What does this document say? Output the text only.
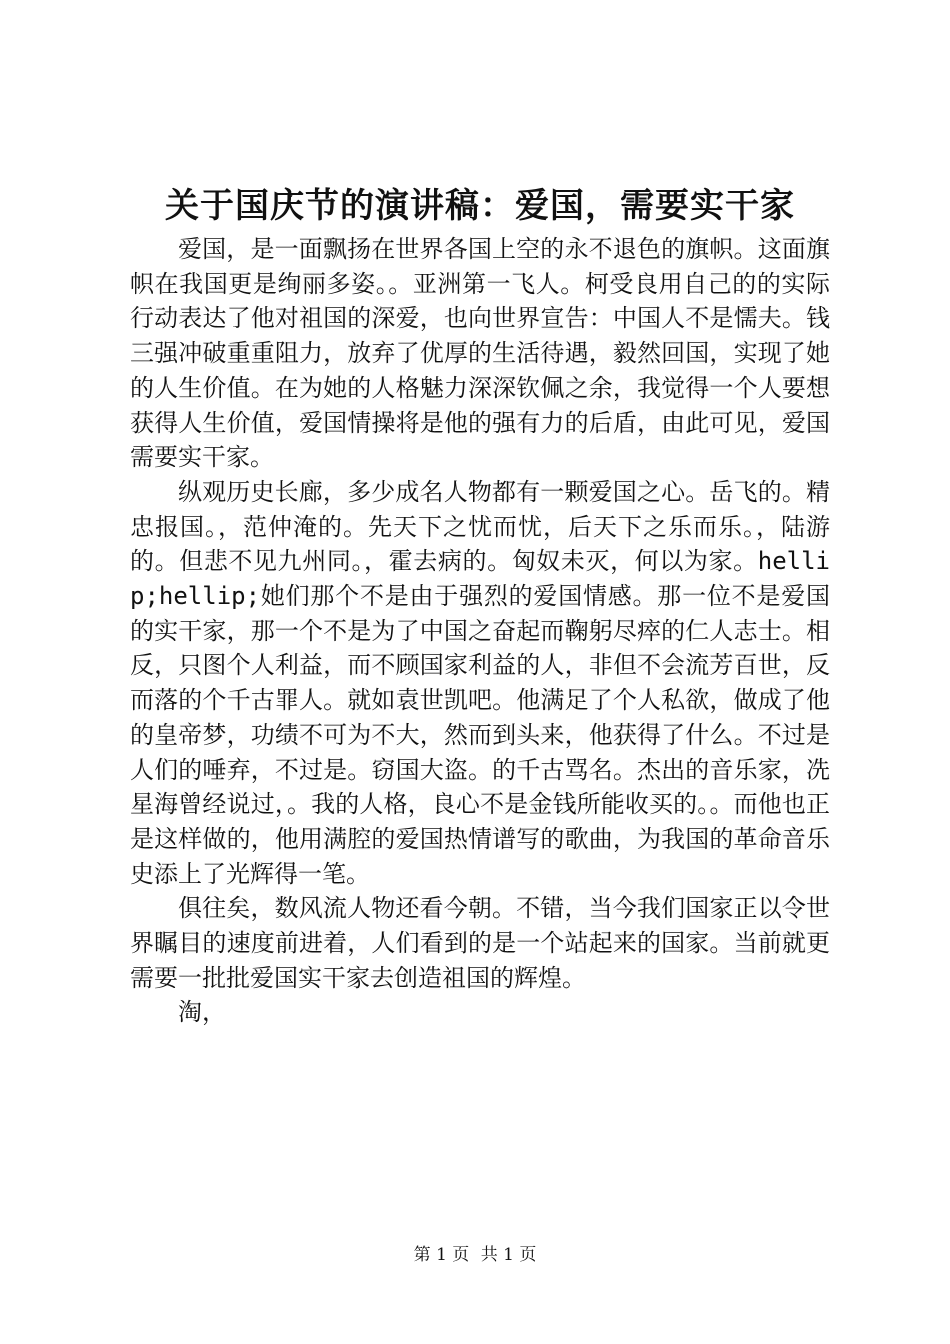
关于国庆节的演讲稿：爱国，需要实干家

爱国，是一面飘扬在世界各国上空的永不退色的旗帜。这面旗帜在我国更是绚丽多姿。。亚洲第一飞人。柯受良用自己的的实际行动表达了他对祖国的深爱，也向世界宣告：中国人不是懦夫。钱三强冲破重重阻力，放弃了优厚的生活待遇，毅然回国，实现了她的人生价值。在为她的人格魅力深深钦佩之余，我觉得一个人要想获得人生价值，爱国情操将是他的强有力的后盾，由此可见，爱国需要实干家。

纵观历史长廊，多少成名人物都有一颗爱国之心。岳飞的。精忠报国。，范仲淹的。先天下之忧而忧，后天下之乐而乐。，陆游的。但悲不见九州同。，霍去病的。匈奴未灭，何以为家。hellip;hellip;她们那个不是由于强烈的爱国情感。那一位不是爱国的实干家，那一个不是为了中国之奋起而鞠躬尽瘁的仁人志士。相反，只图个人利益，而不顾国家利益的人，非但不会流芳百世，反而落的个千古罪人。就如袁世凯吧。他满足了个人私欲，做成了他的皇帝梦，功绩不可为不大，然而到头来，他获得了什么。不过是人们的唾弃，不过是。窃国大盗。的千古骂名。杰出的音乐家，冼星海曾经说过，。我的人格，良心不是金钱所能收买的。。而他也正是这样做的，他用满腔的爱国热情谱写的歌曲，为我国的革命音乐史添上了光辉得一笔。

俱往矣，数风流人物还看今朝。不错，当今我们国家正以令世界瞩目的速度前进着，人们看到的是一个站起来的国家。当前就更需要一批批爱国实干家去创造祖国的辉煌。

淘，

第 1 页 共 1 页
